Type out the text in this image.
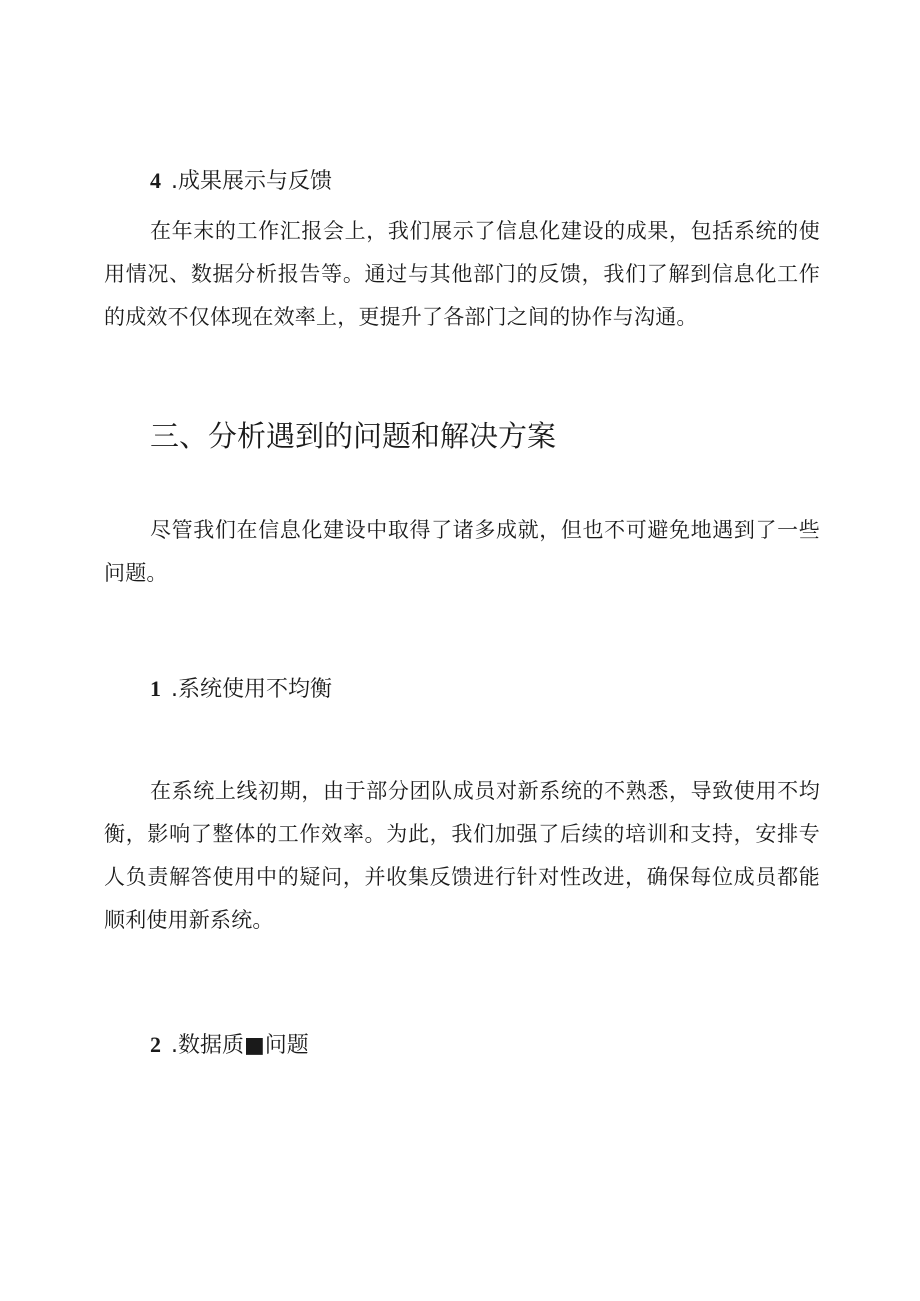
4 .成果展示与反馈

在年末的工作汇报会上，我们展示了信息化建设的成果，包括系统的使用情况、数据分析报告等。通过与其他部门的反馈，我们了解到信息化工作的成效不仅体现在效率上，更提升了各部门之间的协作与沟通。

三、分析遇到的问题和解决方案

尽管我们在信息化建设中取得了诸多成就，但也不可避免地遇到了一些问题。

1 .系统使用不均衡

在系统上线初期，由于部分团队成员对新系统的不熟悉，导致使用不均衡，影响了整体的工作效率。为此，我们加强了后续的培训和支持，安排专人负责解答使用中的疑问，并收集反馈进行针对性改进，确保每位成员都能顺利使用新系统。

2 .数据质■问题
